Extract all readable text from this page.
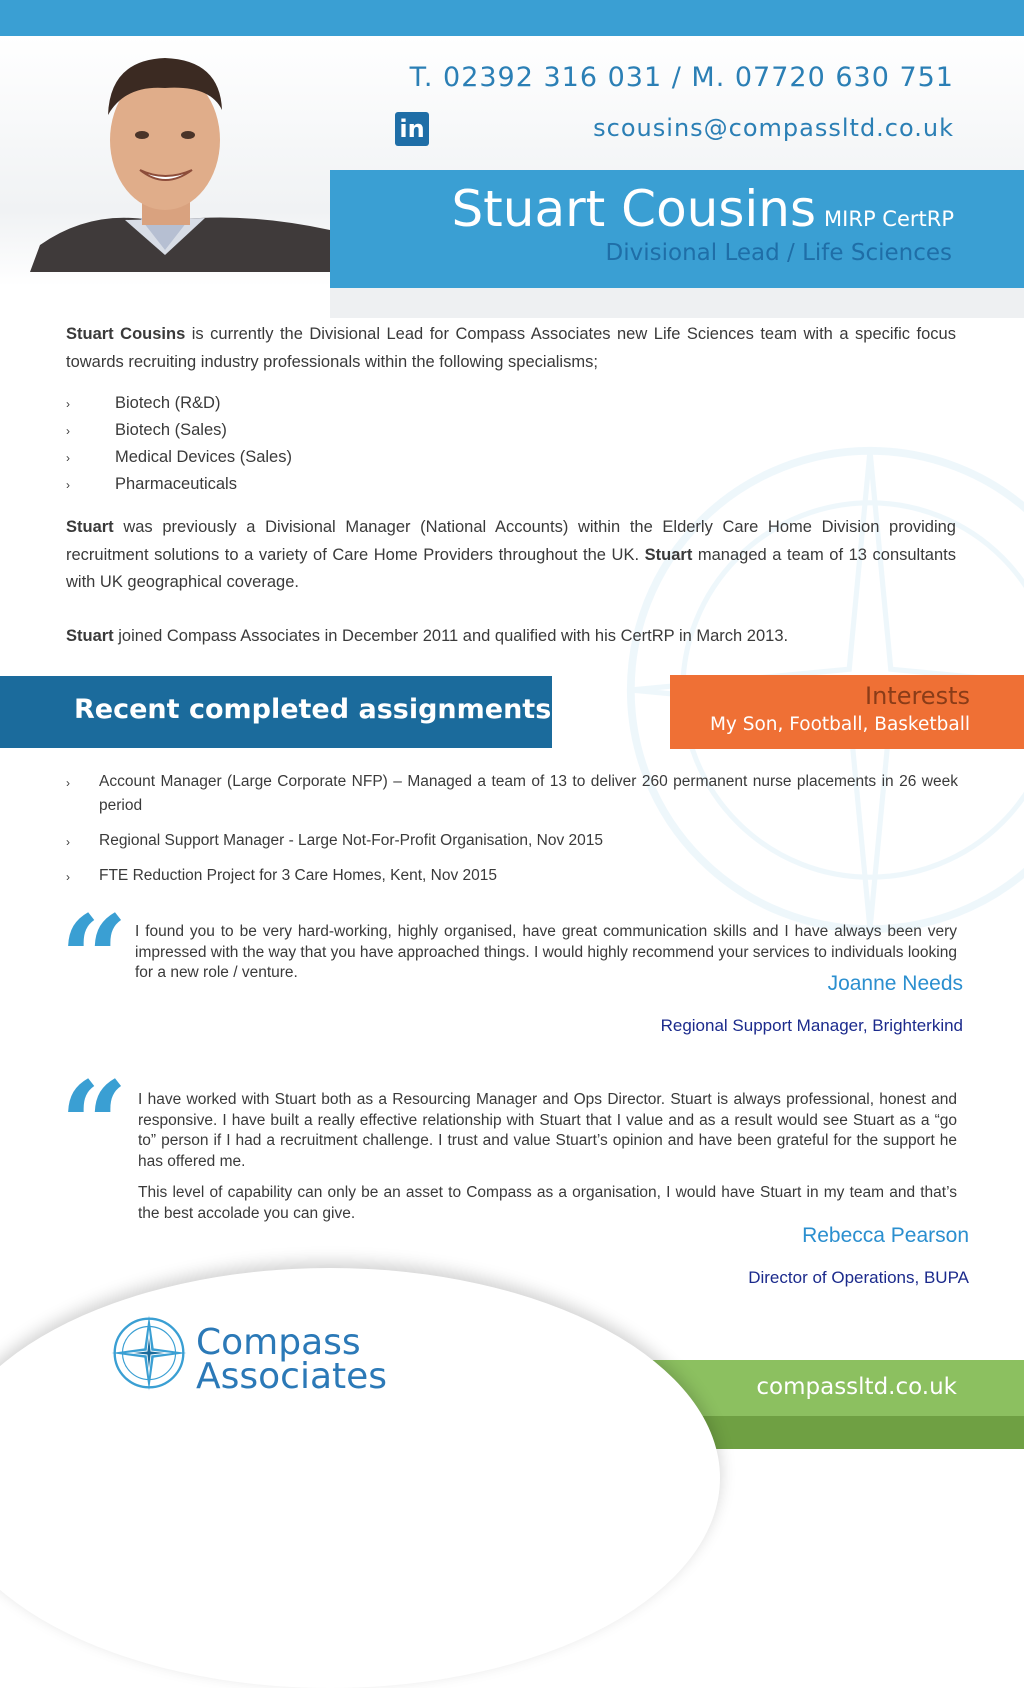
T. 02392 316 031 / M. 07720 630 751
in	scousins@compassltd.co.uk
Stuart Cousins MIRP CertRP
Divisional Lead / Life Sciences
Stuart Cousins is currently the Divisional Lead for Compass Associates new Life Sciences team with a specific focus towards recruiting industry professionals within the following specialisms;
›	Biotech (R&D)
›	Biotech (Sales)
›	Medical Devices (Sales)
›	Pharmaceuticals
Stuart was previously a Divisional Manager (National Accounts) within the Elderly Care Home Division providing recruitment solutions to a variety of Care Home Providers throughout the UK. Stuart managed a team of 13 consultants with UK geographical coverage.
Stuart joined Compass Associates in December 2011 and qualified with his CertRP in March 2013.
Recent completed assignments :	Interests
My Son, Football, Basketball
› Account Manager (Large Corporate NFP) – Managed a team of 13 to deliver 260 permanent nurse placements in 26 week period
› Regional Support Manager - Large Not-For-Profit Organisation, Nov 2015
› FTE Reduction Project for 3 Care Homes, Kent, Nov 2015
“ I found you to be very hard-working, highly organised, have great communication skills and I have always been very impressed with the way that you have approached things. I would highly recommend your services to individuals looking for a new role / venture.	Joanne Needs
Regional Support Manager, Brighterkind
“ I have worked with Stuart both as a Resourcing Manager and Ops Director. Stuart is always professional, honest and responsive. I have built a really effective relationship with Stuart that I value and as a result would see Stuart as a “go to” person if I had a recruitment challenge. I trust and value Stuart’s opinion and have been grateful for the support he has offered me.
This level of capability can only be an asset to Compass as a organisation, I would have Stuart in my team and that’s the best accolade you can give.
Rebecca Pearson
Director of Operations, BUPA
compassltd.co.uk
Compass
Associates
